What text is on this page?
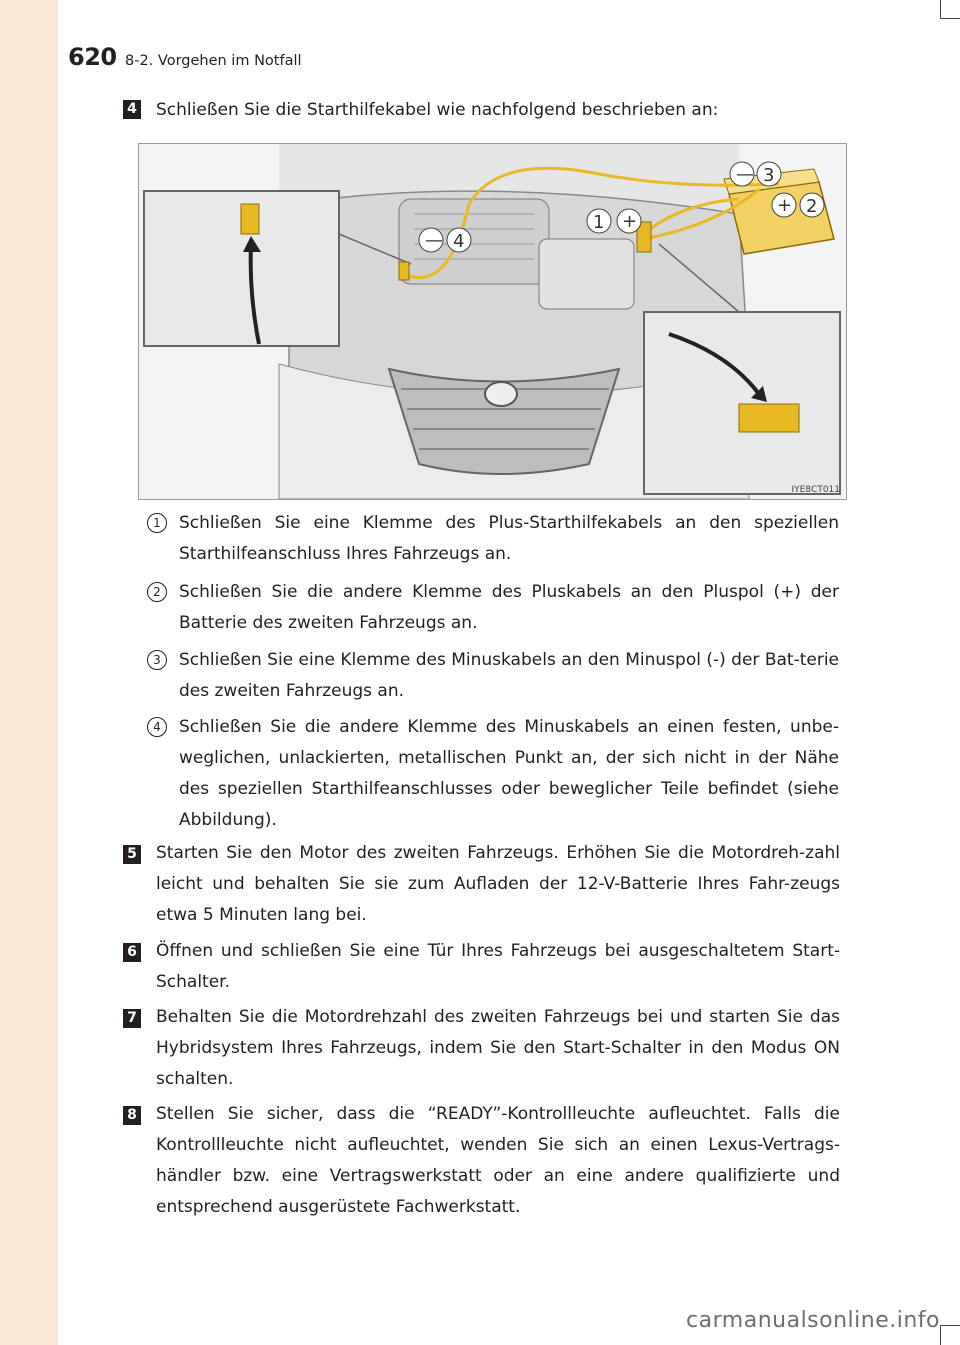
620 8-2. Vorgehen im Notfall
4 Schließen Sie die Starthilfekabel wie nachfolgend beschrieben an:
— 3
+ 2
1 +
— 4
IYE8CT011
1	Schließen Sie eine Klemme des Plus-Starthilfekabels an den speziellen Starthilfeanschluss Ihres Fahrzeugs an.
2	Schließen Sie die andere Klemme des Pluskabels an den Pluspol (+) der Batterie des zweiten Fahrzeugs an.
3	Schließen Sie eine Klemme des Minuskabels an den Minuspol (-) der Bat-terie des zweiten Fahrzeugs an.
4	Schließen Sie die andere Klemme des Minuskabels an einen festen, unbe-weglichen, unlackierten, metallischen Punkt an, der sich nicht in der Nähe des speziellen Starthilfeanschlusses oder beweglicher Teile befindet (siehe Abbildung).
5 Starten Sie den Motor des zweiten Fahrzeugs. Erhöhen Sie die Motordreh-zahl leicht und behalten Sie sie zum Aufladen der 12-V-Batterie Ihres Fahr-zeugs etwa 5 Minuten lang bei.
6 Öffnen und schließen Sie eine Tür Ihres Fahrzeugs bei ausgeschaltetem Start-Schalter.
7 Behalten Sie die Motordrehzahl des zweiten Fahrzeugs bei und starten Sie das Hybridsystem Ihres Fahrzeugs, indem Sie den Start-Schalter in den Modus ON schalten.
8 Stellen Sie sicher, dass die “READY”-Kontrollleuchte aufleuchtet. Falls die Kontrollleuchte nicht aufleuchtet, wenden Sie sich an einen Lexus-Vertrags-händler bzw. eine Vertragswerkstatt oder an eine andere qualifizierte und entsprechend ausgerüstete Fachwerkstatt.
carmanualsonline.info
